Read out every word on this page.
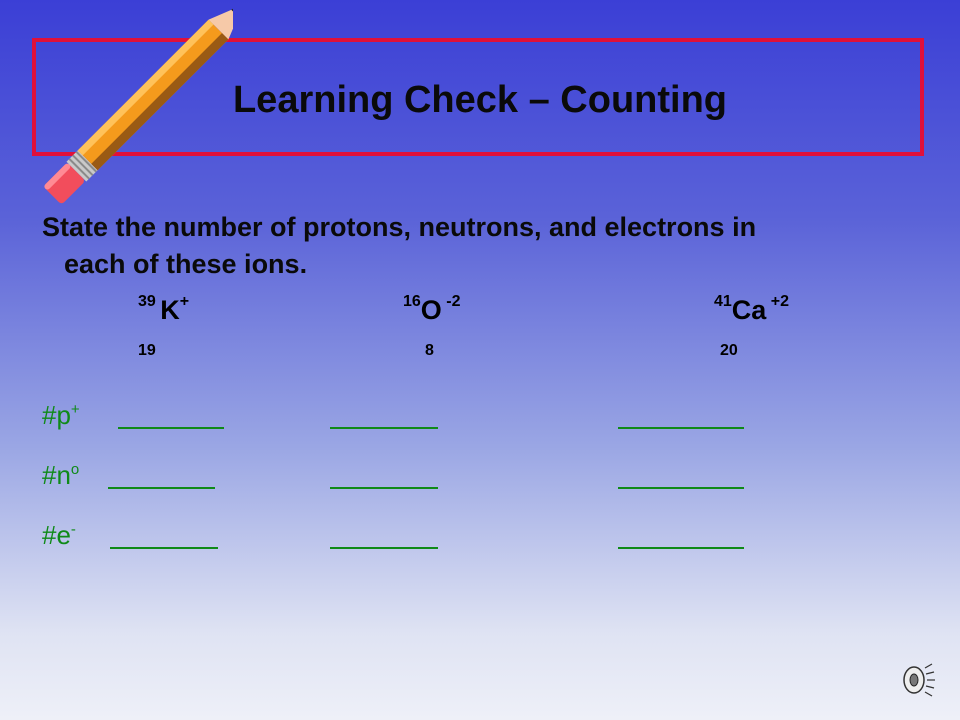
Learning Check – Counting
State the number of protons, neutrons, and electrons in
each of these ions.
39 K+
19
16O -2
8
41Ca +2
20
#p+
$\#n^o$
#e-
